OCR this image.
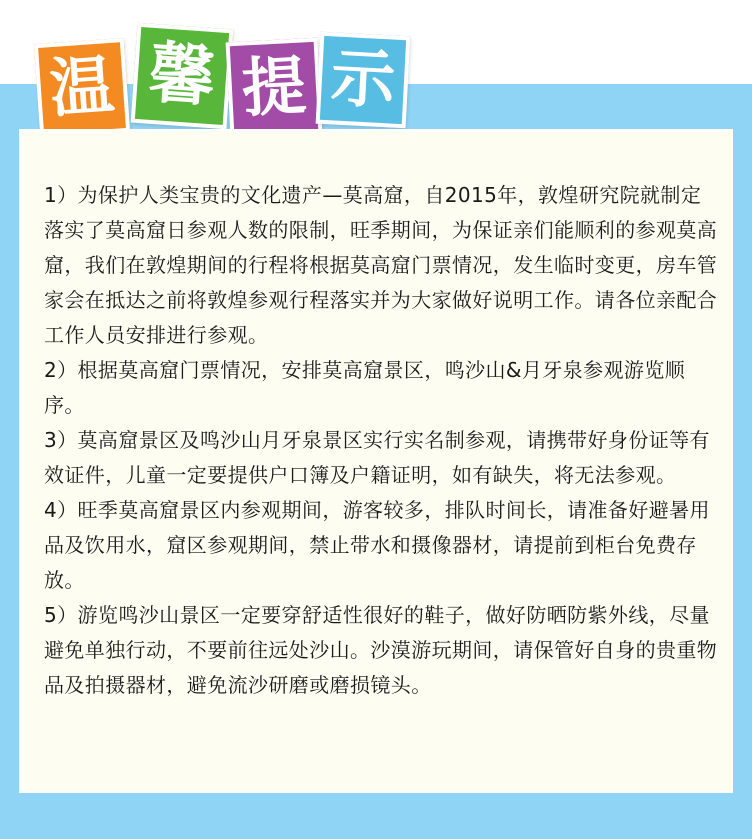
温 馨 提 示
1）为保护人类宝贵的文化遗产—莫高窟，自2015年，敦煌研究院就制定落实了莫高窟日参观人数的限制，旺季期间，为保证亲们能顺利的参观莫高窟，我们在敦煌期间的行程将根据莫高窟门票情况，发生临时变更，房车管家会在抵达之前将敦煌参观行程落实并为大家做好说明工作。请各位亲配合工作人员安排进行参观。
2）根据莫高窟门票情况，安排莫高窟景区，鸣沙山&月牙泉参观游览顺序。
3）莫高窟景区及鸣沙山月牙泉景区实行实名制参观，请携带好身份证等有效证件，儿童一定要提供户口簿及户籍证明，如有缺失，将无法参观。
4）旺季莫高窟景区内参观期间，游客较多，排队时间长，请准备好避暑用品及饮用水，窟区参观期间，禁止带水和摄像器材，请提前到柜台免费存放。
5）游览鸣沙山景区一定要穿舒适性很好的鞋子，做好防晒防紫外线，尽量避免单独行动，不要前往远处沙山。沙漠游玩期间，请保管好自身的贵重物品及拍摄器材，避免流沙研磨或磨损镜头。
